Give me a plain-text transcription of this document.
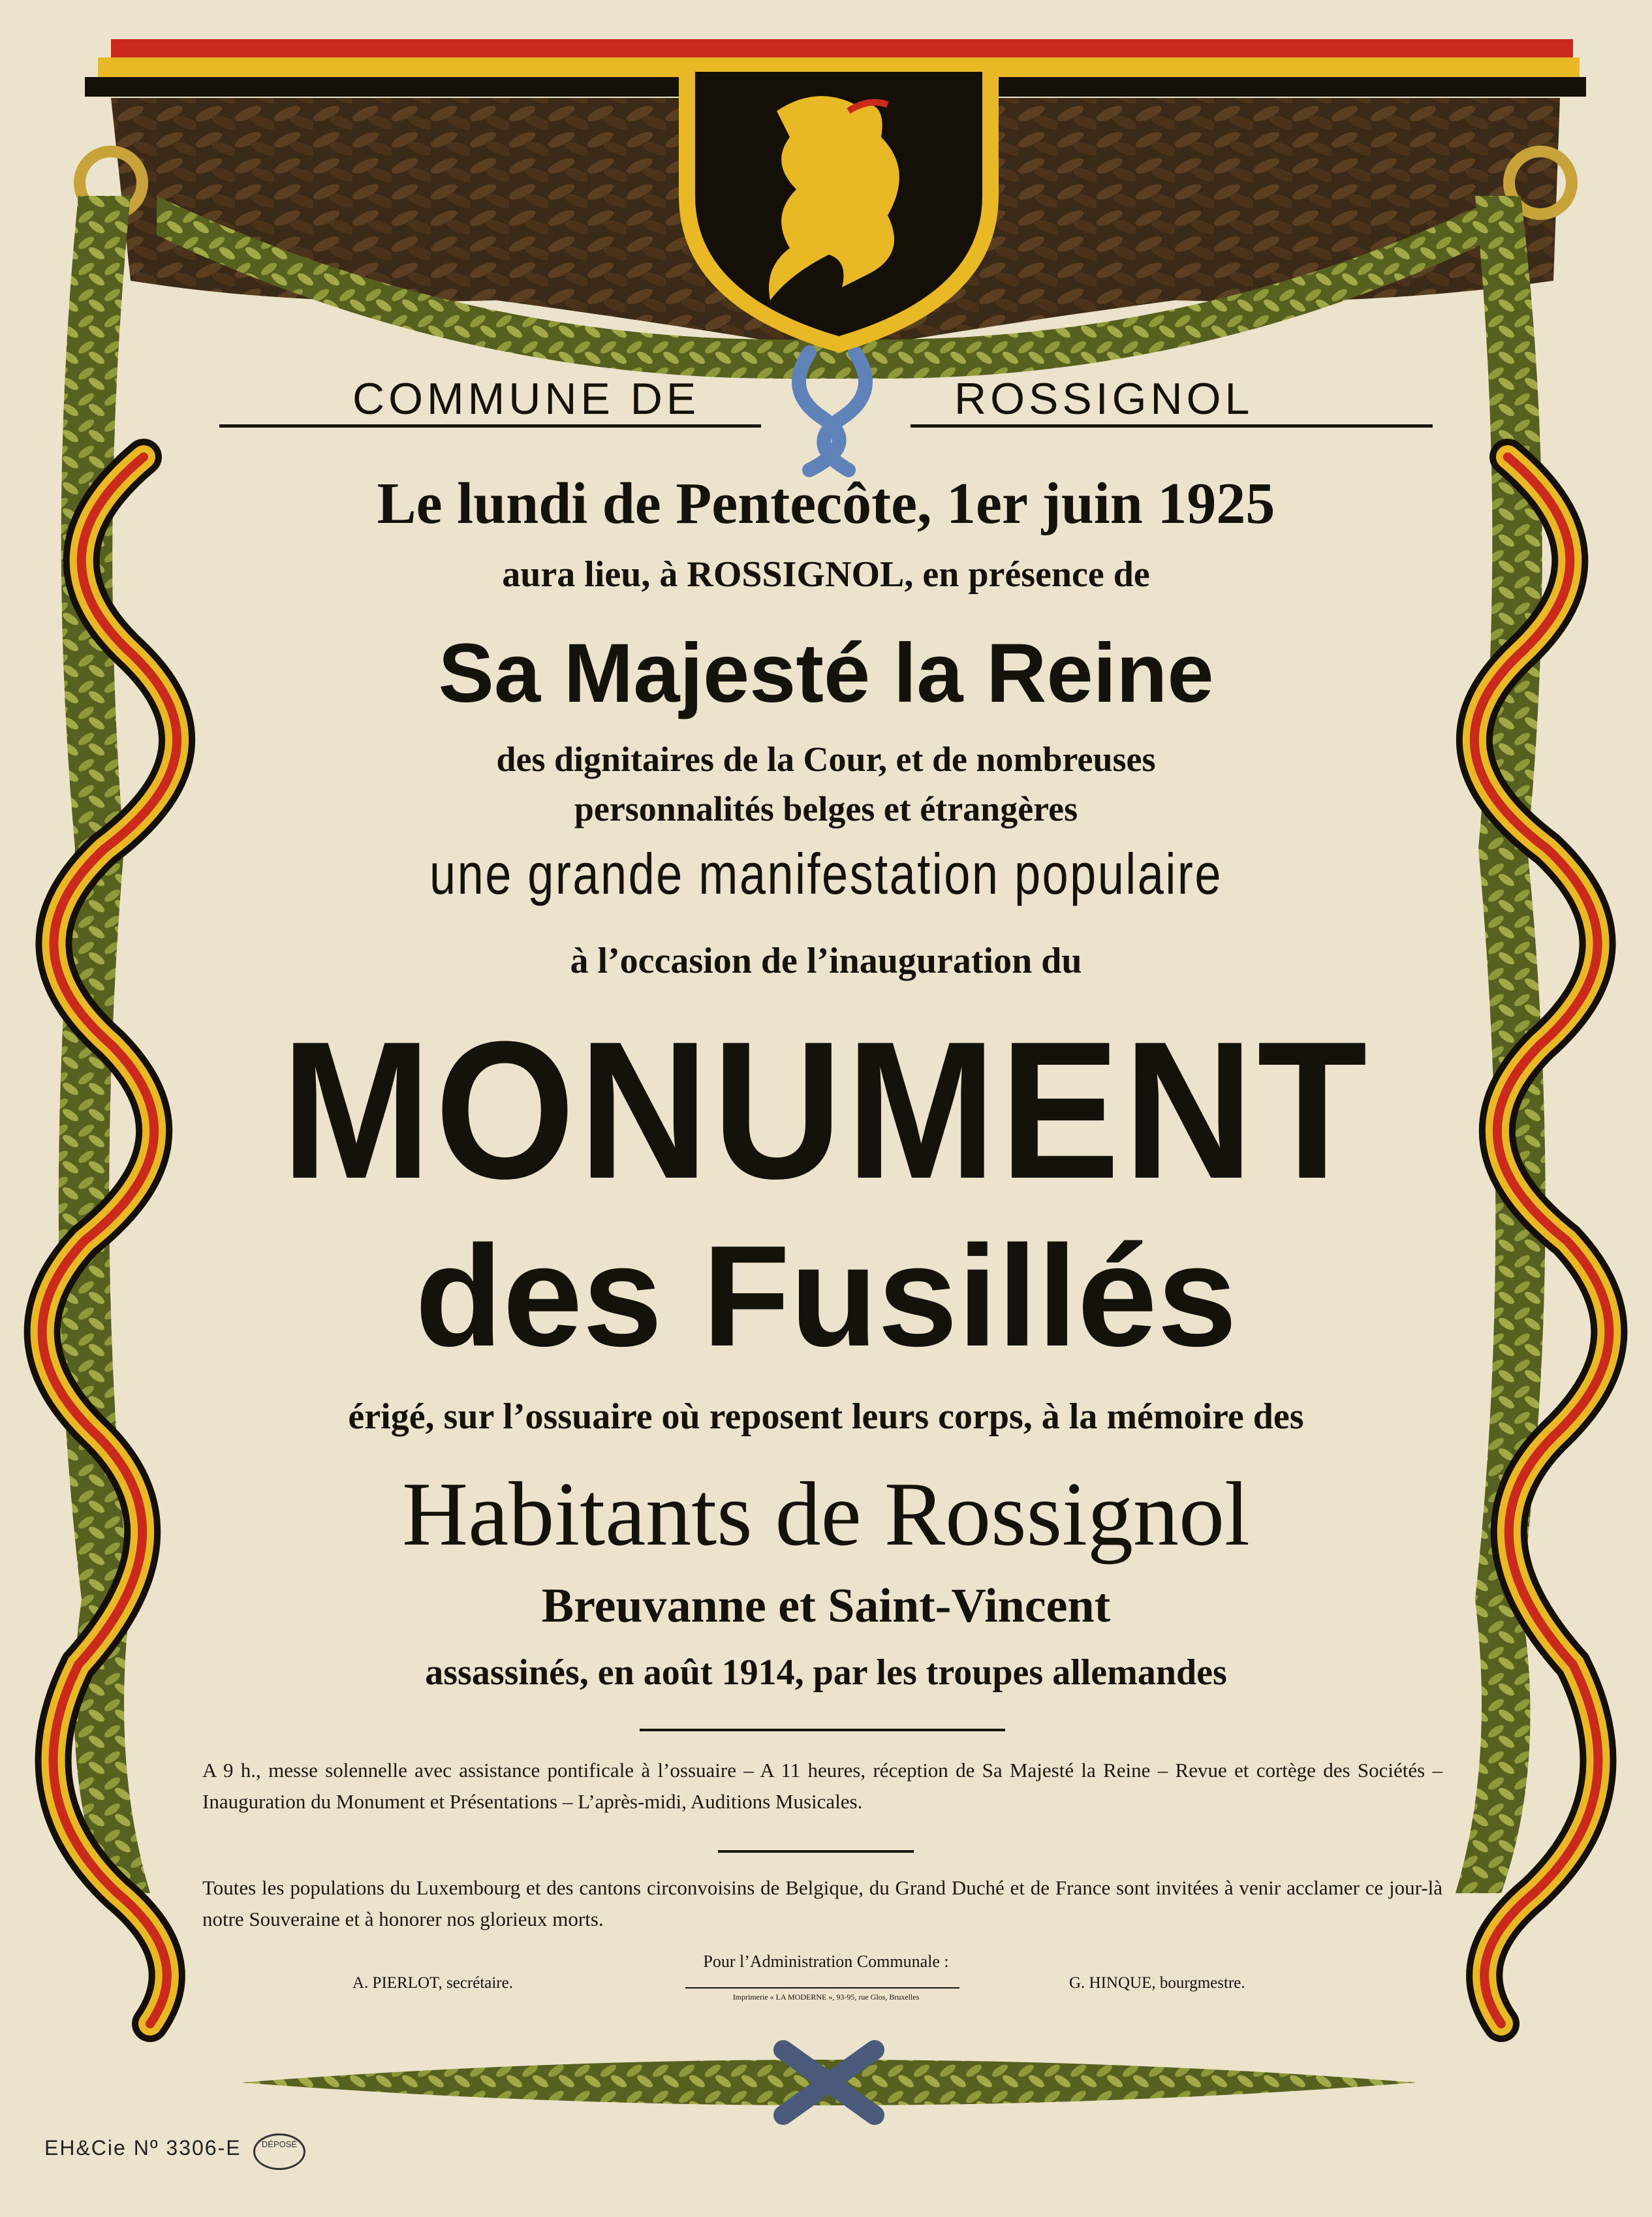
COMMUNE DE	ROSSIGNOL
Le lundi de Pentecôte, 1er juin 1925
aura lieu, à ROSSIGNOL, en présence de
Sa Majesté la Reine
des dignitaires de la Cour, et de nombreuses
personnalités belges et étrangères
une grande manifestation populaire
à l’occasion de l’inauguration du
MONUMENT
des Fusillés
érigé, sur l’ossuaire où reposent leurs corps, à la mémoire des
Habitants de Rossignol
Breuvanne et Saint-Vincent
assassinés, en août 1914, par les troupes allemandes
A 9 h., messe solennelle avec assistance pontificale à l’ossuaire – A 11 heures, réception de Sa Majesté la Reine – Revue et cortège des Sociétés – Inauguration du Monument et Présentations – L’après-midi, Auditions Musicales.
Toutes les populations du Luxembourg et des cantons circonvoisins de Belgique, du Grand Duché et de France sont invitées à venir acclamer ce jour-là notre Souveraine et à honorer nos glorieux morts.
Pour l’Administration Communale :
A. PIERLOT, secrétaire.	G. HINQUE, bourgmestre.
Imprimerie « LA MODERNE », 93-95, rue Glos, Bruxelles
EH&Cie Nº 3306-E	DÉPOSÉ
